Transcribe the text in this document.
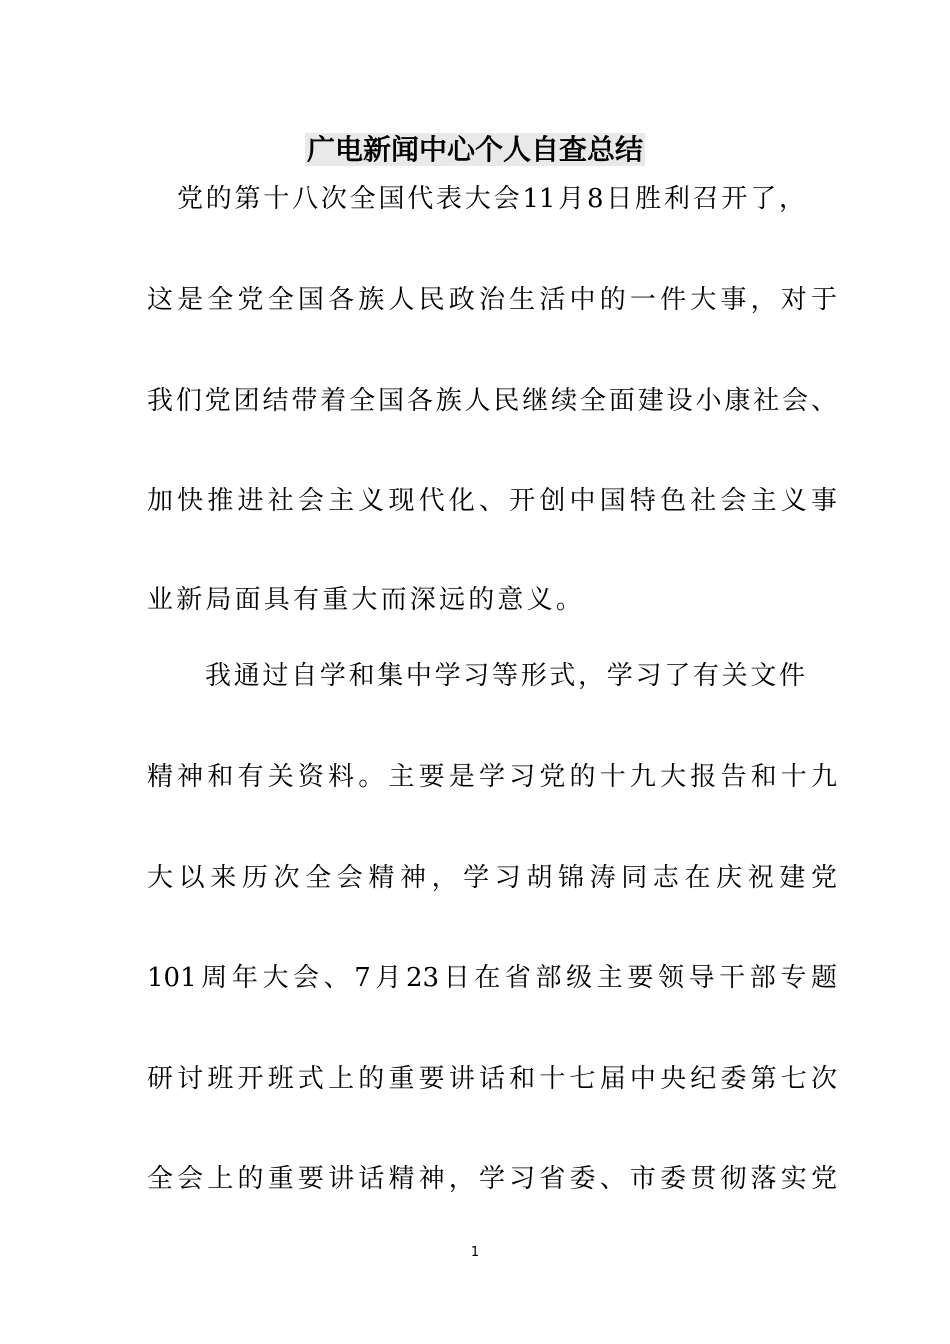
广电新闻中心个人自查总结
党的第十八次全国代表大会11月8日胜利召开了，
这是全党全国各族人民政治生活中的一件大事，对于
我们党团结带着全国各族人民继续全面建设小康社会、
加快推进社会主义现代化、开创中国特色社会主义事
业新局面具有重大而深远的意义。
我通过自学和集中学习等形式，学习了有关文件
精神和有关资料。主要是学习党的十九大报告和十九
大以来历次全会精神，学习胡锦涛同志在庆祝建党
101周年大会、7月23日在省部级主要领导干部专题
研讨班开班式上的重要讲话和十七届中央纪委第七次
全会上的重要讲话精神，学习省委、市委贯彻落实党
1
